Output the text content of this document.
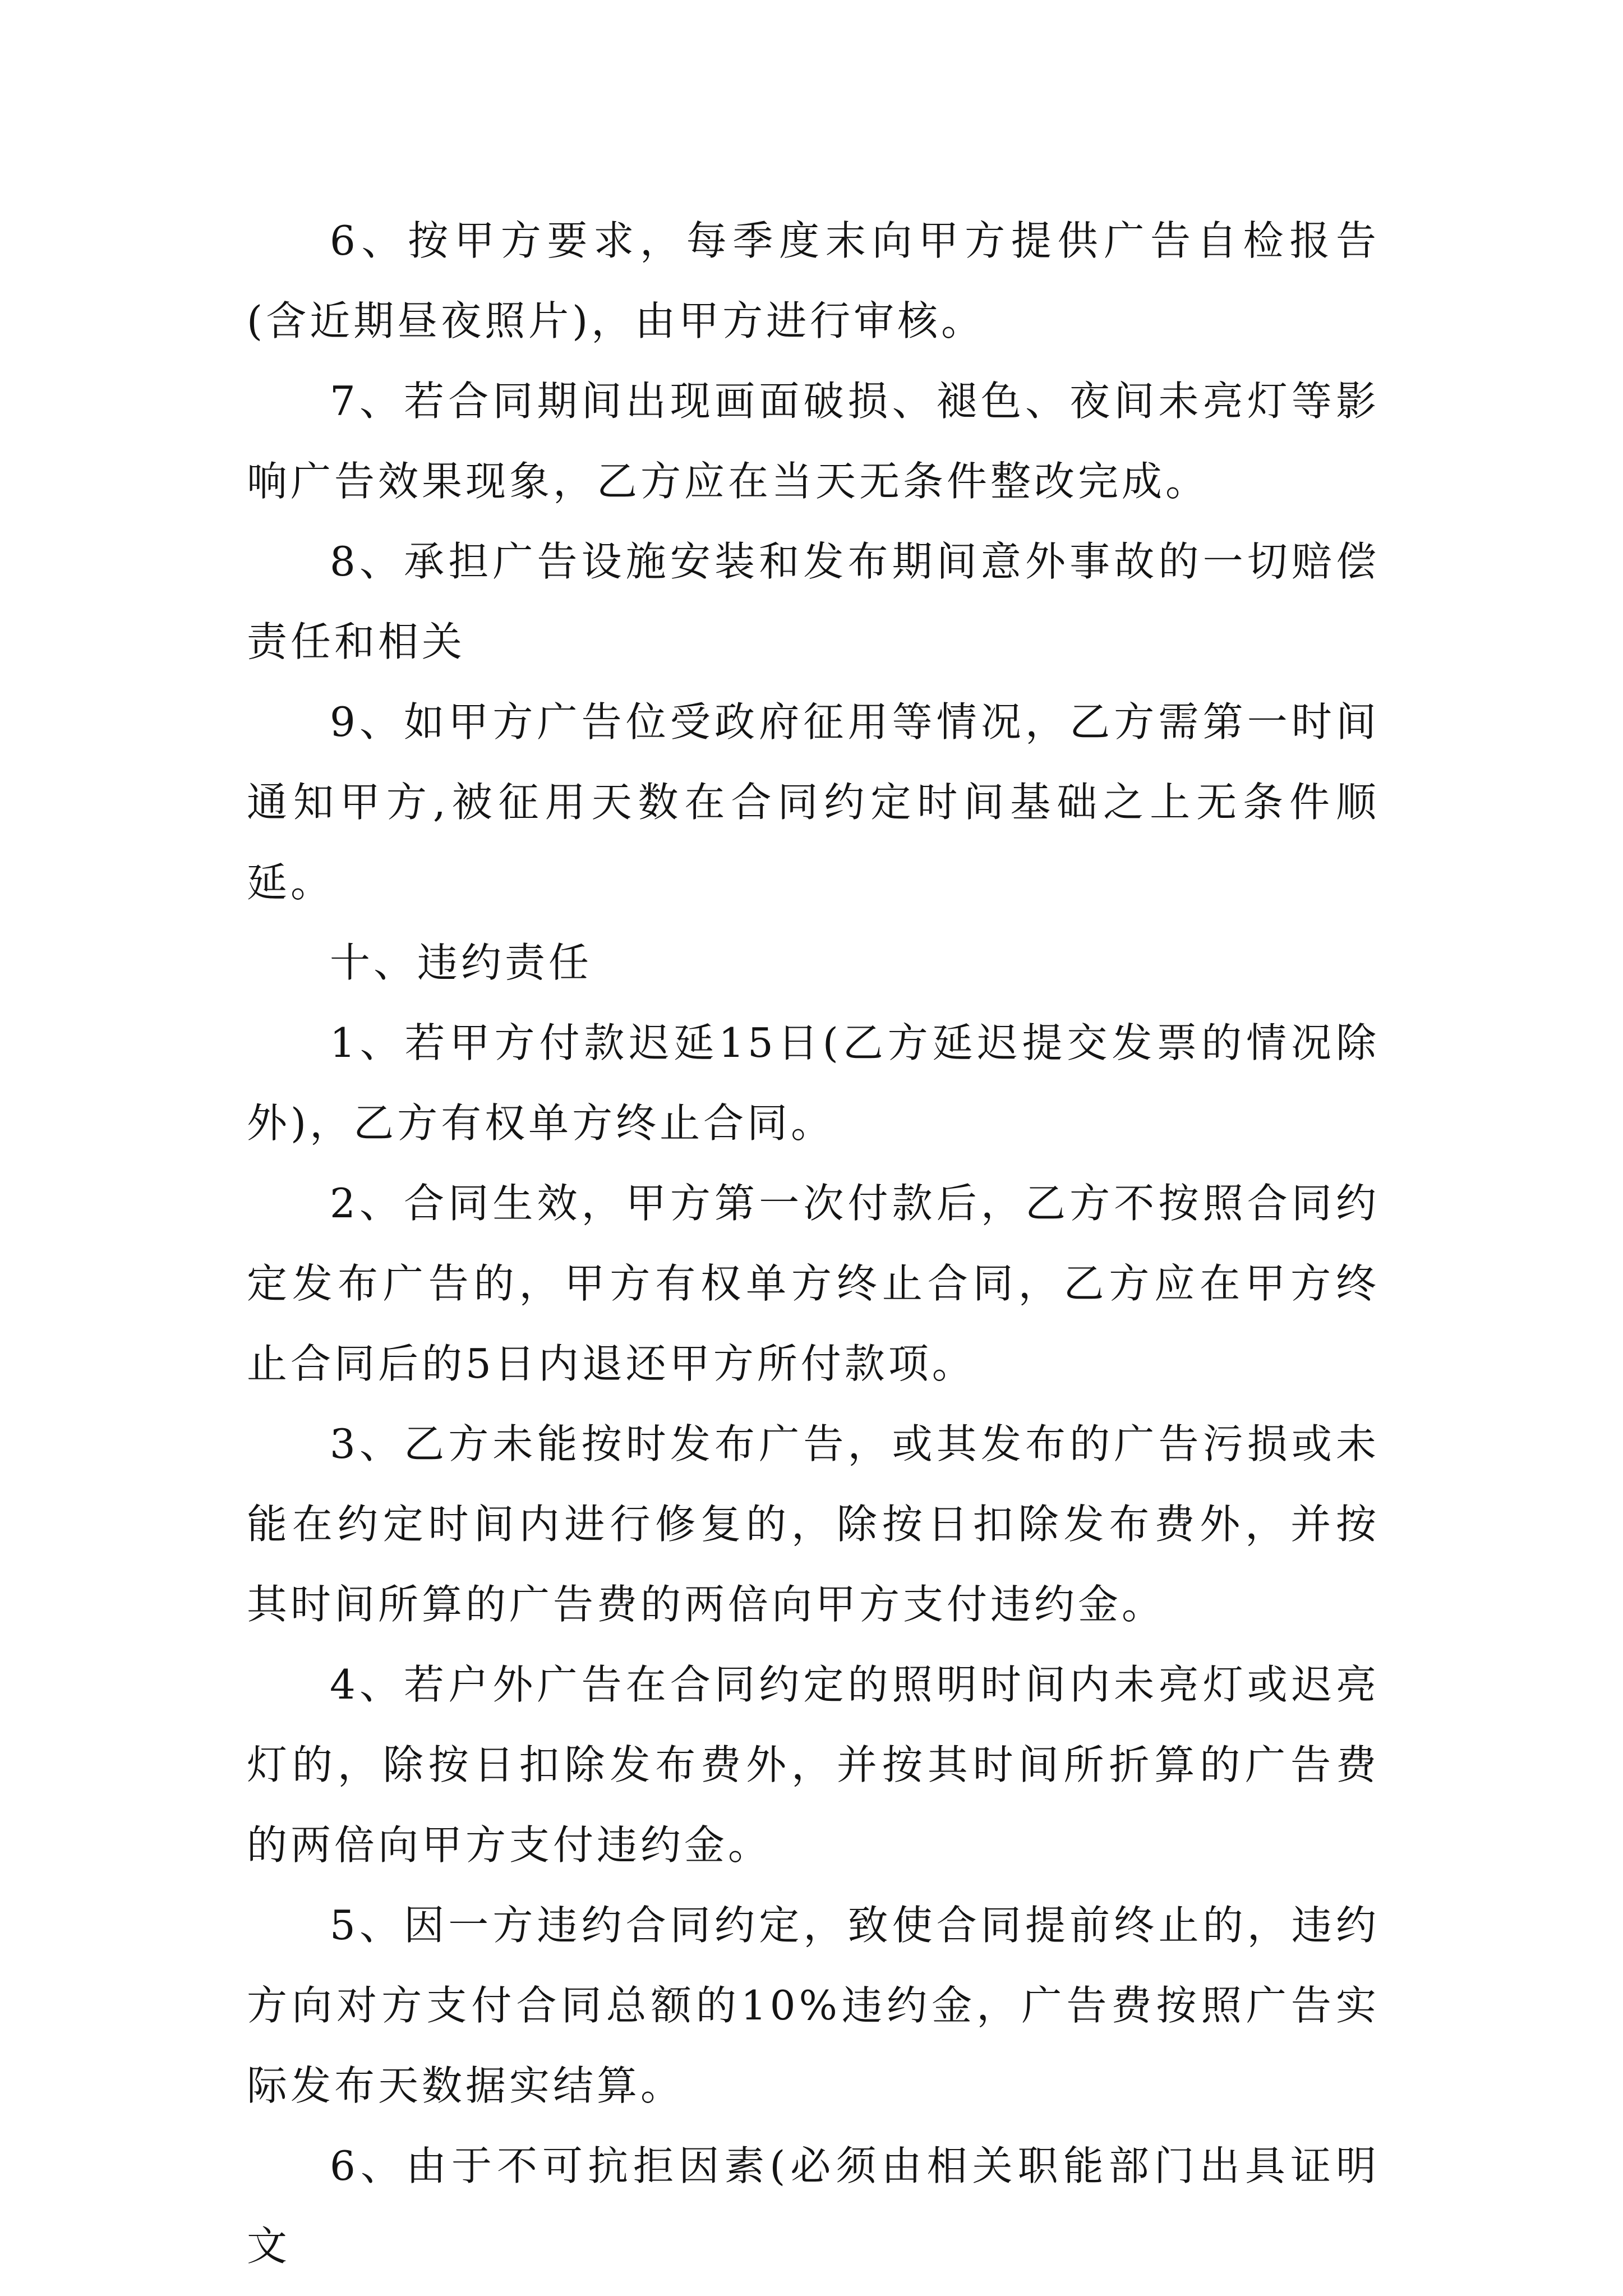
6、按甲方要求，每季度末向甲方提供广告自检报告(含近期昼夜照片)，由甲方进行审核。

7、若合同期间出现画面破损、褪色、夜间未亮灯等影响广告效果现象，乙方应在当天无条件整改完成。

8、承担广告设施安装和发布期间意外事故的一切赔偿责任和相关

9、如甲方广告位受政府征用等情况，乙方需第一时间通知甲方,被征用天数在合同约定时间基础之上无条件顺延。

十、违约责任

1、若甲方付款迟延15日(乙方延迟提交发票的情况除外)，乙方有权单方终止合同。

2、合同生效，甲方第一次付款后，乙方不按照合同约定发布广告的，甲方有权单方终止合同，乙方应在甲方终止合同后的5日内退还甲方所付款项。

3、乙方未能按时发布广告，或其发布的广告污损或未能在约定时间内进行修复的，除按日扣除发布费外，并按其时间所算的广告费的两倍向甲方支付违约金。

4、若户外广告在合同约定的照明时间内未亮灯或迟亮灯的，除按日扣除发布费外，并按其时间所折算的广告费的两倍向甲方支付违约金。

5、因一方违约合同约定，致使合同提前终止的，违约方向对方支付合同总额的10%违约金，广告费按照广告实际发布天数据实结算。

6、由于不可抗拒因素(必须由相关职能部门出具证明文
